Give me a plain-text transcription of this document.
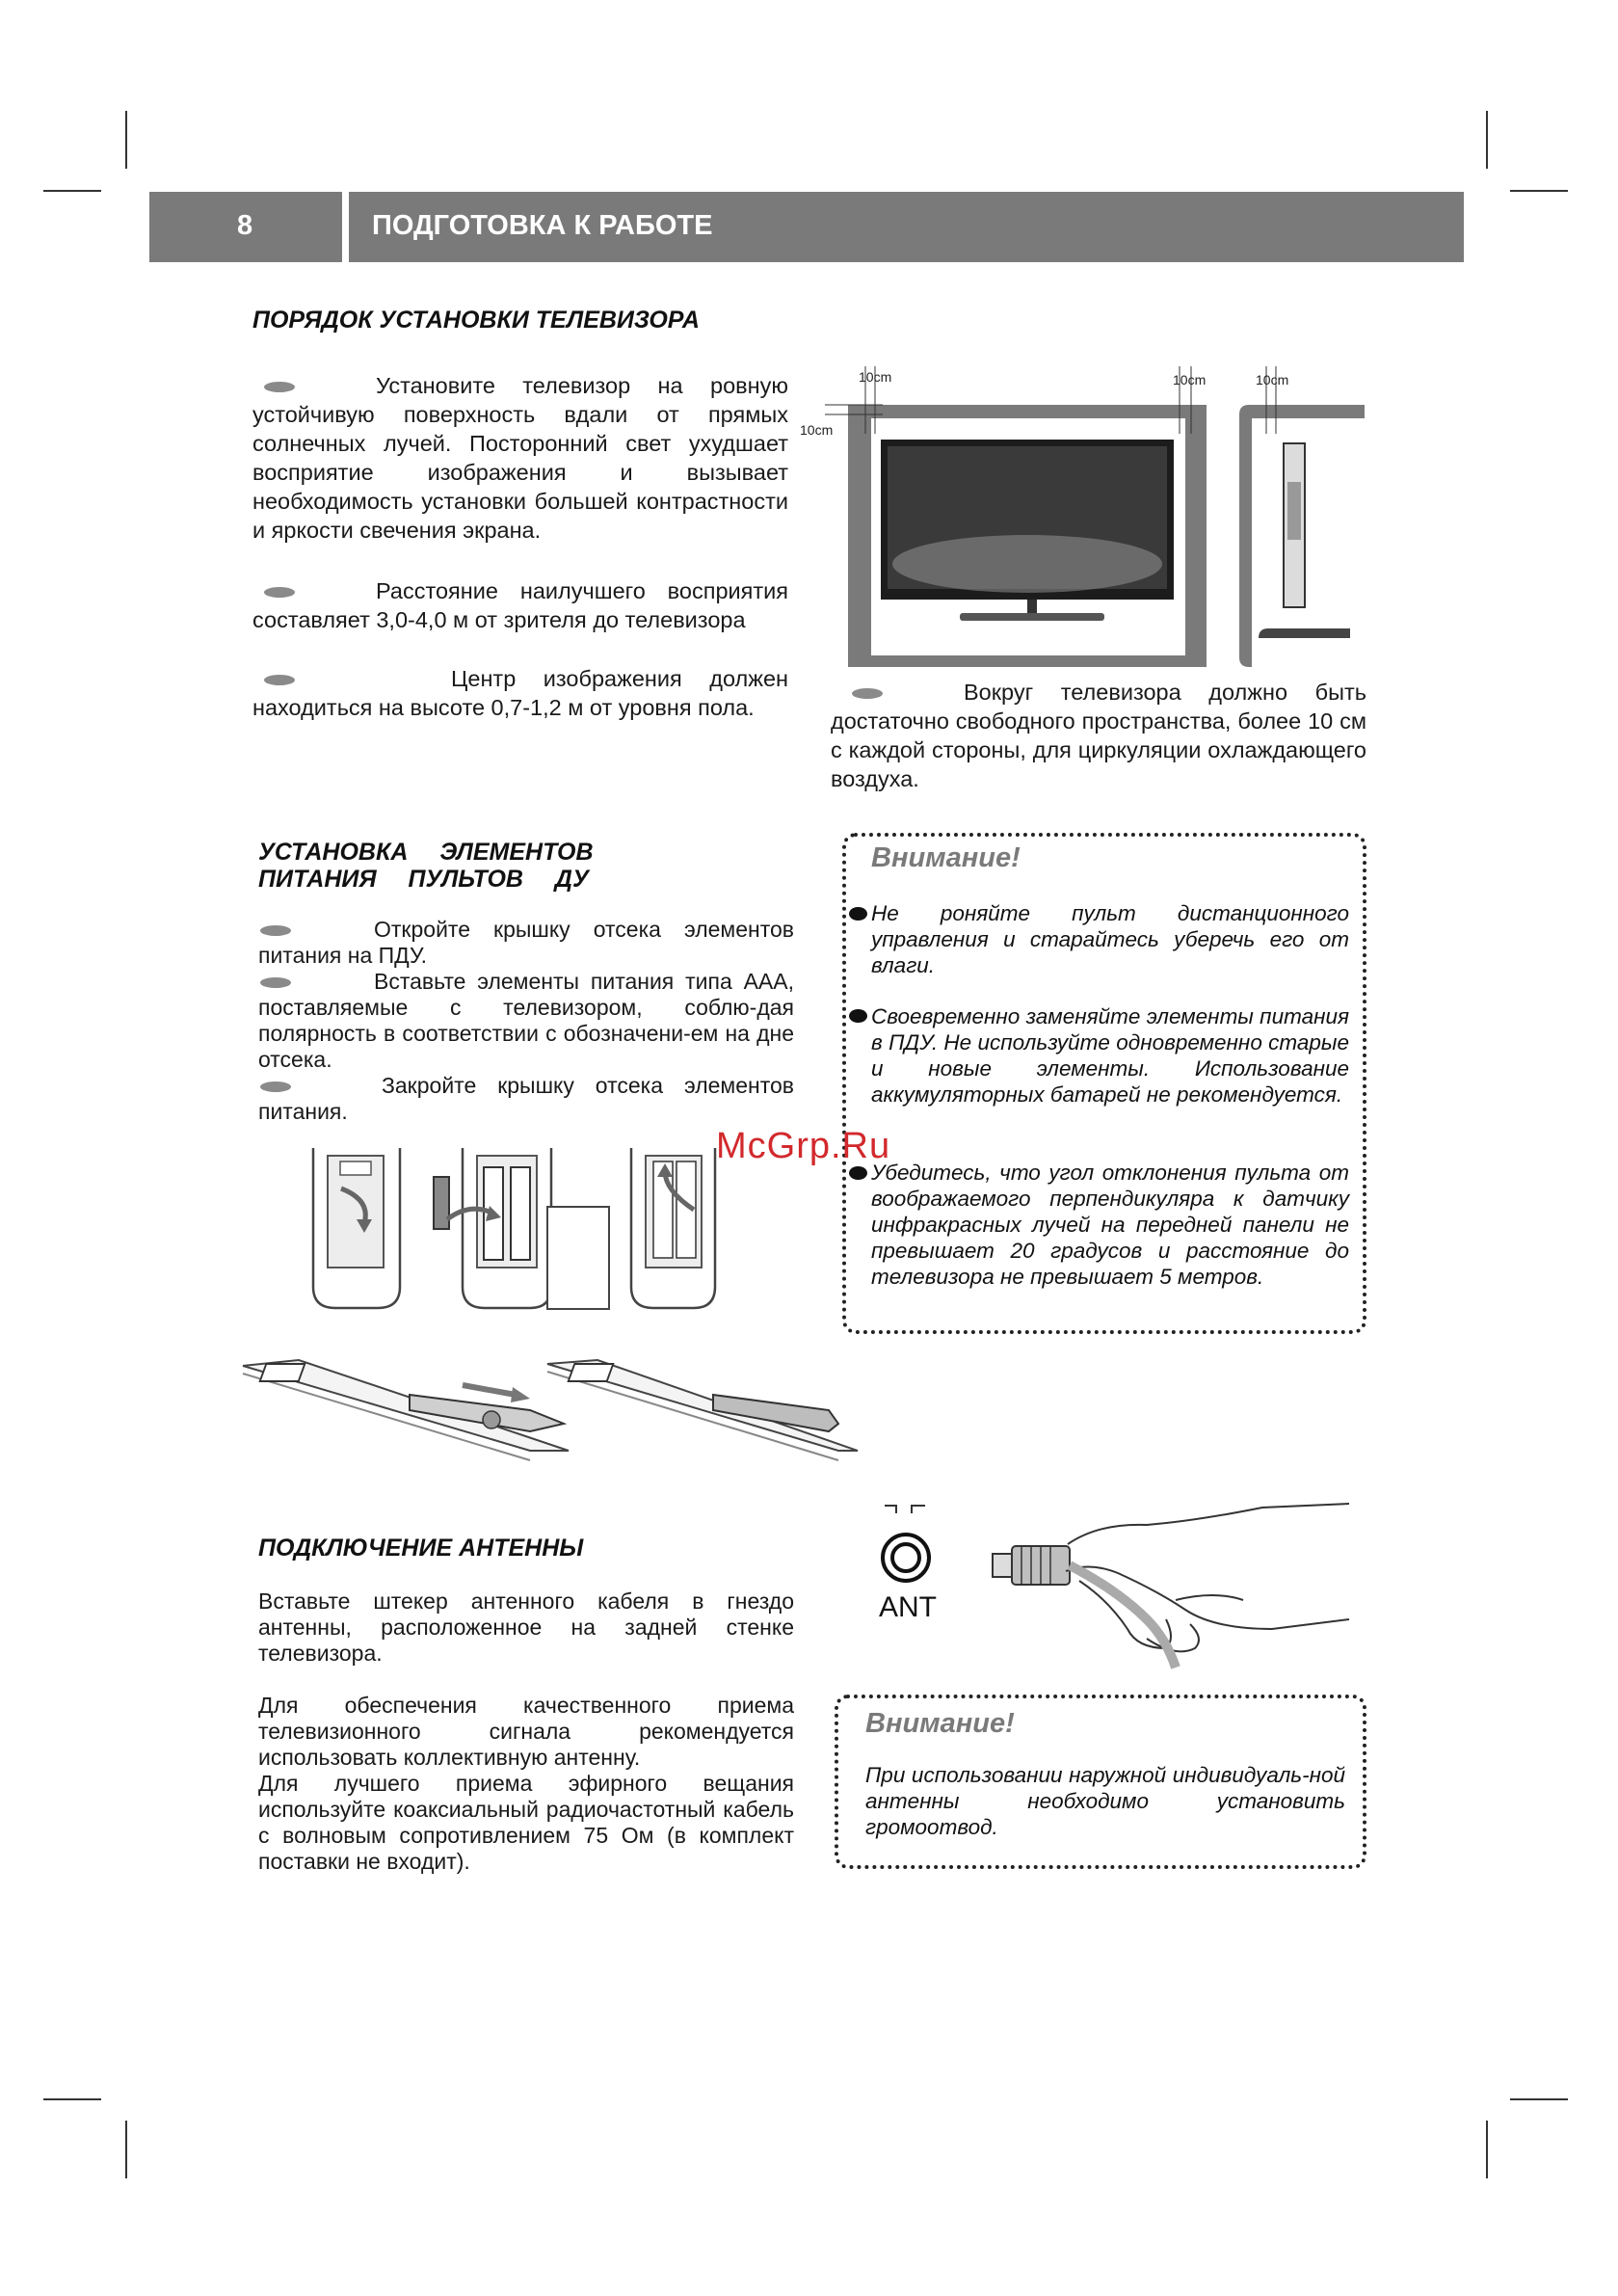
8	ПОДГОТОВКА К РАБОТЕ
ПОРЯДОК УСТАНОВКИ ТЕЛЕВИЗОРА
Установите телевизор на ровную устойчивую поверхность вдали от прямых солнечных лучей. Посторонний свет ухудшает восприятие изображения и вызывает необходимость установки большей контрастности и яркости свечения экрана.
Расстояние наилучшего восприятия составляет 3,0-4,0 м от зрителя до телевизора
Центр изображения должен находиться на высоте 0,7-1,2 м от уровня пола.
10cm
10cm
10cm	10cm
Вокруг телевизора должно быть достаточно свободного пространства, более 10 см с каждой стороны, для циркуляции охлаждающего воздуха.
УСТАНОВКА ЭЛЕМЕНТОВ ПИТАНИЯ ПУЛЬТОВ ДУ
Откройте крышку отсека элементов питания на ПДУ.
Вставьте элементы питания типа ААА, поставляемые с телевизором, соблю-дая полярность в соответствии с обозначени-ем на дне отсека.
Закройте крышку отсека элементов питания.
Внимание!
Не роняйте пульт дистанционного управления и старайтесь уберечь его от влаги.
Своевременно заменяйте элементы питания в ПДУ. Не используйте одновременно старые и новые элементы. Использование аккумуляторных батарей не рекомендуется.
Убедитесь, что угол отклонения пульта от воображаемого перпендикуляра к датчику инфракрасных лучей на передней панели не превышает 20 градусов и расстояние до телевизора не превышает 5 метров.
McGrp.Ru
ПОДКЛЮЧЕНИЕ АНТЕННЫ
Вставьте штекер антенного кабеля в гнездо антенны, расположенное на задней стенке телевизора.
Для обеспечения качественного приема телевизионного сигнала рекомендуется использовать коллективную антенну.
Для лучшего приема эфирного вещания используйте коаксиальный радиочастотный кабель с волновым сопротивлением 75 Ом (в комплект поставки не входит).
ANT
Внимание!
При использовании наружной индивидуаль-ной антенны необходимо установить громоотвод.
